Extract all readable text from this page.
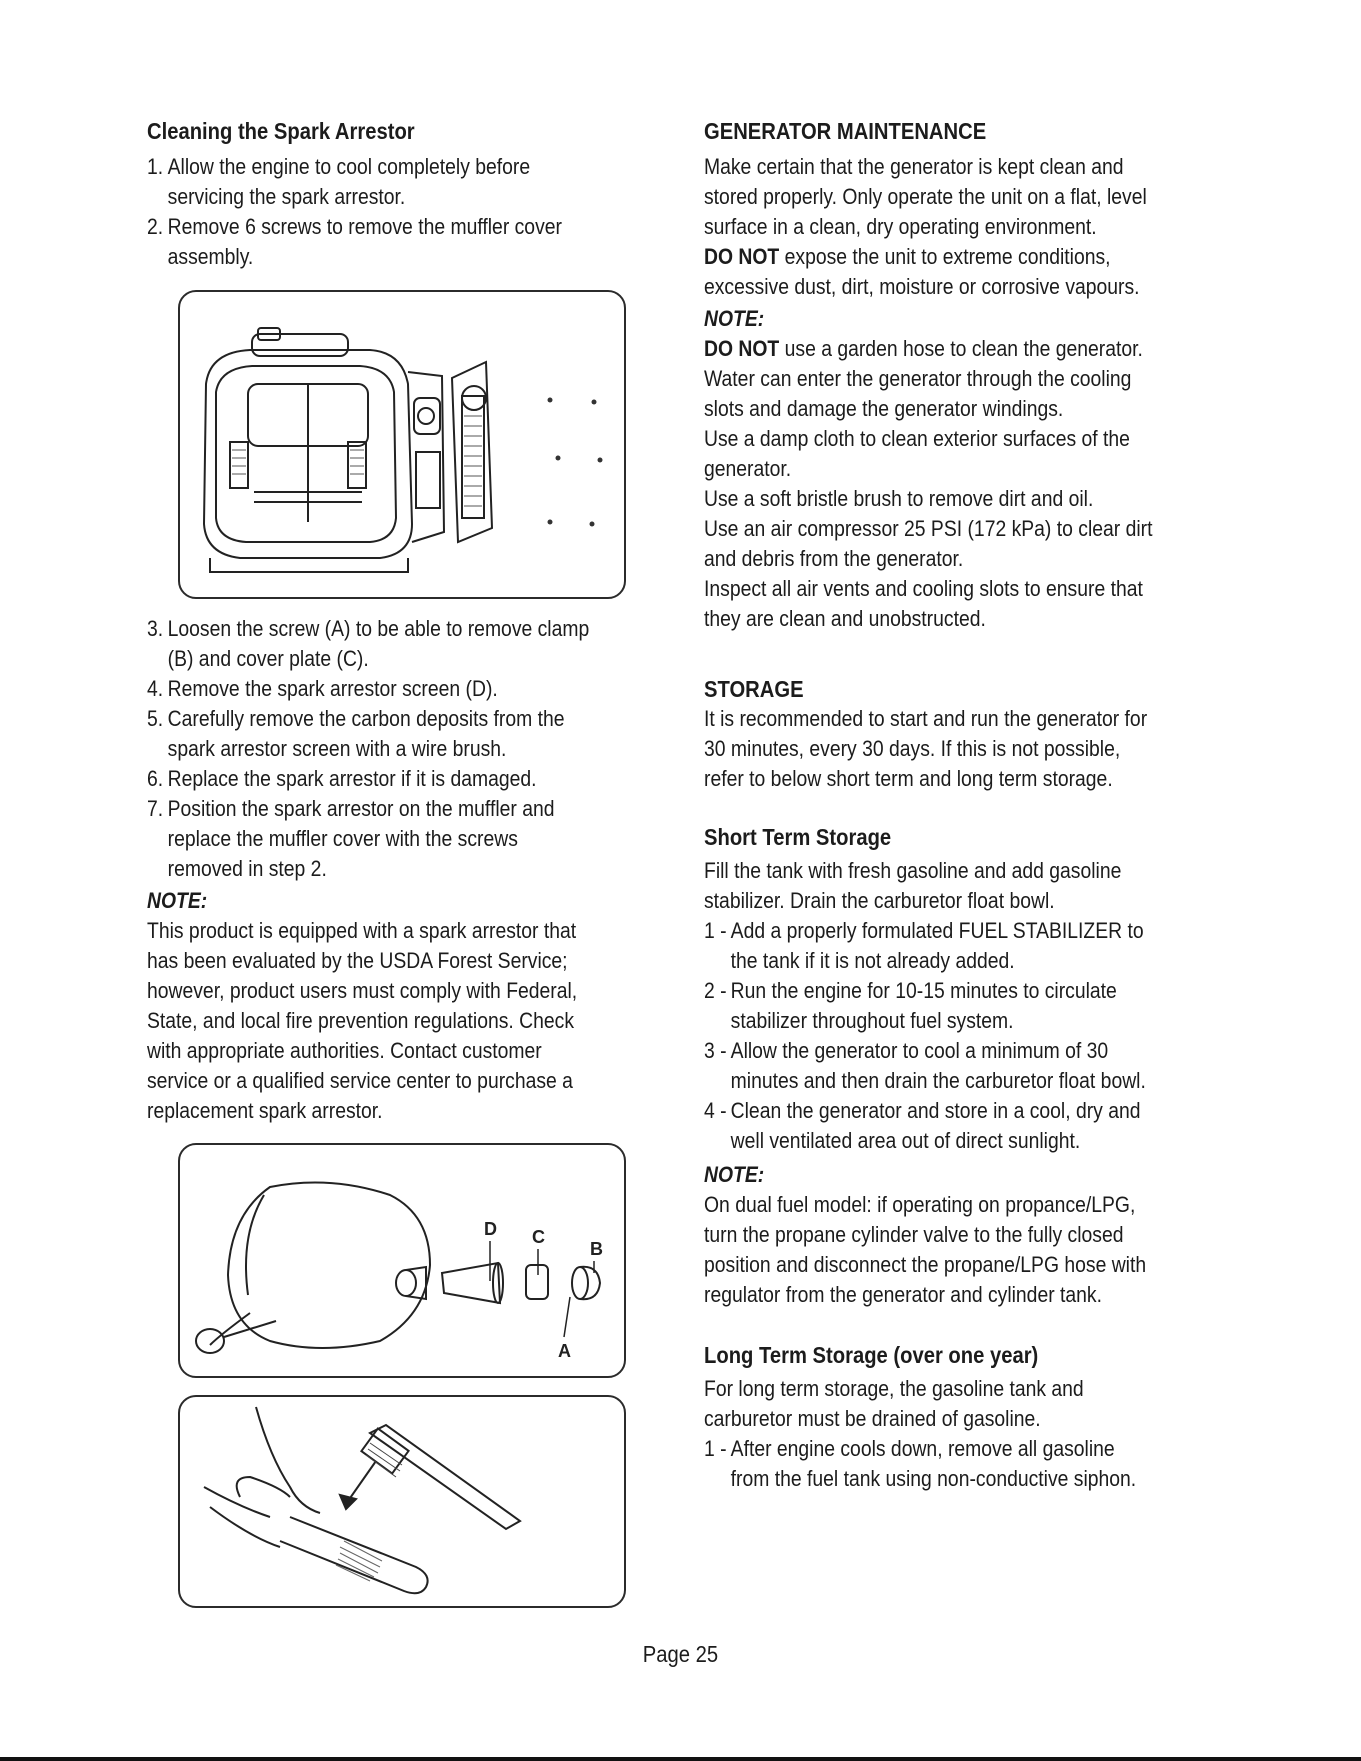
Cleaning the Spark Arrestor

1. Allow the engine to cool completely before
servicing the spark arrestor.
2. Remove 6 screws to remove the muffler cover
assembly.
3. Loosen the screw (A) to be able to remove clamp
(B) and cover plate (C).
4. Remove the spark arrestor screen (D).
5. Carefully remove the carbon deposits from the
spark arrestor screen with a wire brush.
6. Replace the spark arrestor if it is damaged.
7. Position the spark arrestor on the muffler and
replace the muffler cover with the screws
removed in step 2.

NOTE:

This product is equipped with a spark arrestor that
has been evaluated by the USDA Forest Service;
however, product users must comply with Federal,
State, and local fire prevention regulations. Check
with appropriate authorities. Contact customer
service or a qualified service center to purchase a
replacement spark arrestor.

D C
B
A

GENERATOR MAINTENANCE

Make certain that the generator is kept clean and
stored properly. Only operate the unit on a flat, level
surface in a clean, dry operating environment.
DO NOT expose the unit to extreme conditions,
excessive dust, dirt, moisture or corrosive vapours.

NOTE:

DO NOT use a garden hose to clean the generator.
Water can enter the generator through the cooling
slots and damage the generator windings.
Use a damp cloth to clean exterior surfaces of the
generator.
Use a soft bristle brush to remove dirt and oil.
Use an air compressor 25 PSI (172 kPa) to clear dirt
and debris from the generator.
Inspect all air vents and cooling slots to ensure that
they are clean and unobstructed.

STORAGE

It is recommended to start and run the generator for
30 minutes, every 30 days. If this is not possible,
refer to below short term and long term storage.

Short Term Storage

Fill the tank with fresh gasoline and add gasoline
stabilizer. Drain the carburetor float bowl.

1 - Add a properly formulated FUEL STABILIZER to
the tank if it is not already added.
2 - Run the engine for 10-15 minutes to circulate
stabilizer throughout fuel system.
3 - Allow the generator to cool a minimum of 30
minutes and then drain the carburetor float bowl.
4 - Clean the generator and store in a cool, dry and
well ventilated area out of direct sunlight.

NOTE:

On dual fuel model: if operating on propance/LPG,
turn the propane cylinder valve to the fully closed
position and disconnect the propane/LPG hose with
regulator from the generator and cylinder tank.

Long Term Storage (over one year)

For long term storage, the gasoline tank and
carburetor must be drained of gasoline.

1 - After engine cools down, remove all gasoline
from the fuel tank using non-conductive siphon.
Page 25
